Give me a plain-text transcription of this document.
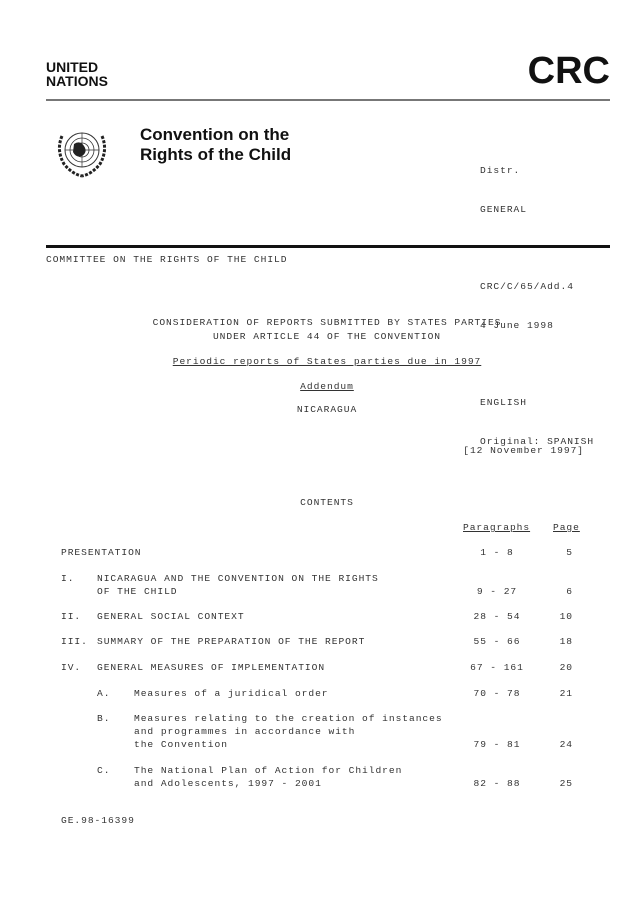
UNITED
NATIONS	CRC
Convention on the
Rights of the Child

Distr.

GENERAL

CRC/C/65/Add.4

4 June 1998

ENGLISH

Original: SPANISH

COMMITTEE ON THE RIGHTS OF THE CHILD
CONSIDERATION OF REPORTS SUBMITTED BY STATES PARTIES
UNDER ARTICLE 44 OF THE CONVENTION
Periodic reports of States parties due in 1997
Addendum
NICARAGUA
[12 November 1997]
CONTENTS
Paragraphs Page
PRESENTATION	1 - 8	5
I. NICARAGUA AND THE CONVENTION ON THE RIGHTS
OF THE CHILD	9 - 27	6
II. GENERAL SOCIAL CONTEXT	28 - 54	10
III. SUMMARY OF THE PREPARATION OF THE REPORT	55 - 66	18
IV. GENERAL MEASURES OF IMPLEMENTATION	67 - 161	20
A. Measures of a juridical order	70 - 78	21
B. Measures relating to the creation of instances
and programmes in accordance with
the Convention	79 - 81	24
C. The National Plan of Action for Children
and Adolescents, 1997 - 2001	82 - 88	25
GE.98-16399
